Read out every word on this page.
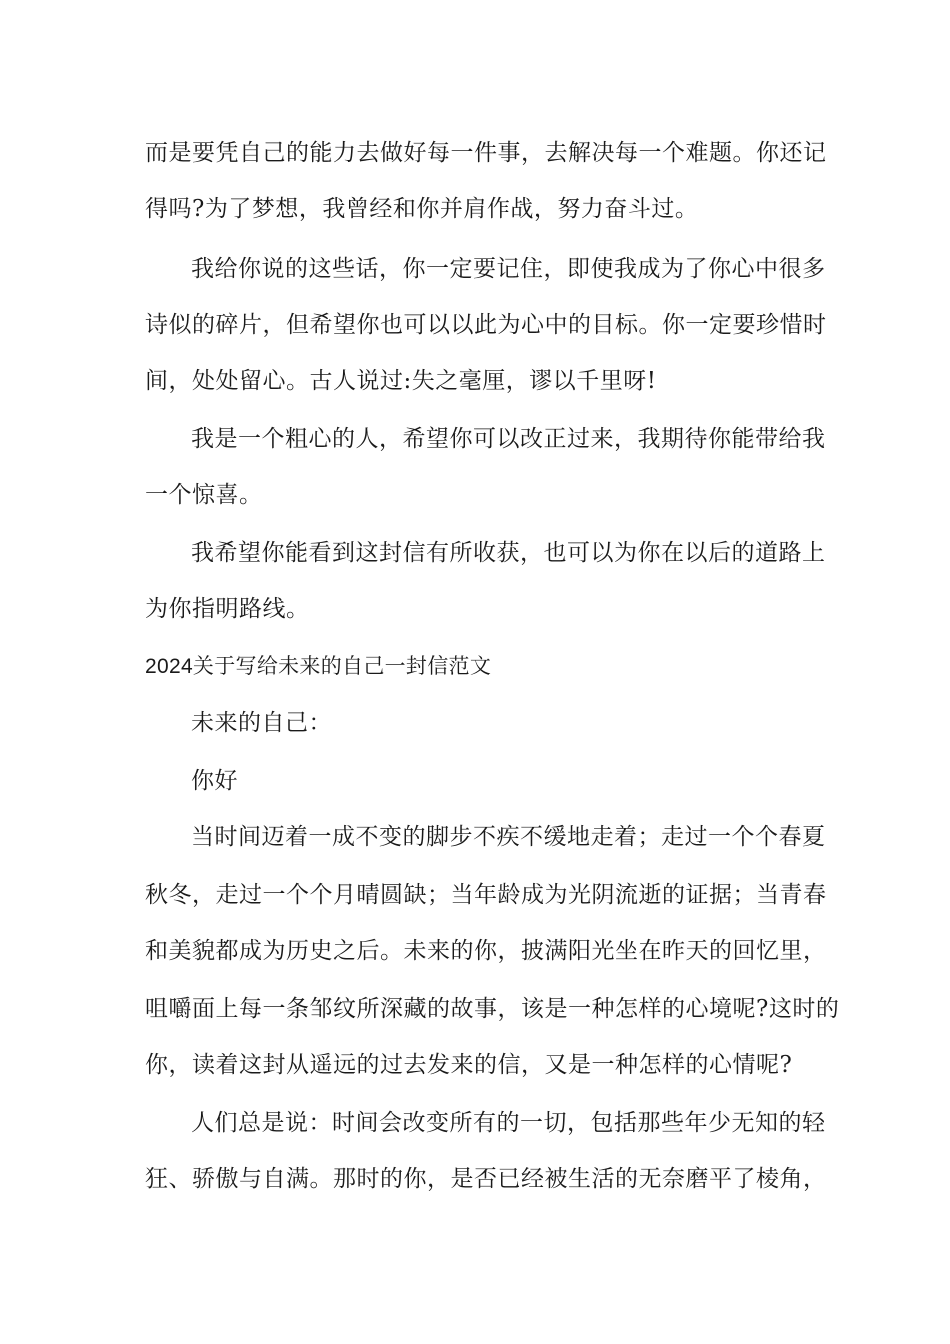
而是要凭自己的能力去做好每一件事，去解决每一个难题。你还记
得吗?为了梦想，我曾经和你并肩作战，努力奋斗过。
我给你说的这些话，你一定要记住，即使我成为了你心中很多
诗似的碎片，但希望你也可以以此为心中的目标。你一定要珍惜时
间，处处留心。古人说过:失之毫厘，谬以千里呀!
我是一个粗心的人，希望你可以改正过来，我期待你能带给我
一个惊喜。
我希望你能看到这封信有所收获，也可以为你在以后的道路上
为你指明路线。
2024关于写给未来的自己一封信范文
未来的自己：
你好
当时间迈着一成不变的脚步不疾不缓地走着；走过一个个春夏
秋冬，走过一个个月晴圆缺；当年龄成为光阴流逝的证据；当青春
和美貌都成为历史之后。未来的你，披满阳光坐在昨天的回忆里，
咀嚼面上每一条邹纹所深藏的故事，该是一种怎样的心境呢?这时的
你，读着这封从遥远的过去发来的信，又是一种怎样的心情呢?
人们总是说：时间会改变所有的一切，包括那些年少无知的轻
狂、骄傲与自满。那时的你，是否已经被生活的无奈磨平了棱角，
